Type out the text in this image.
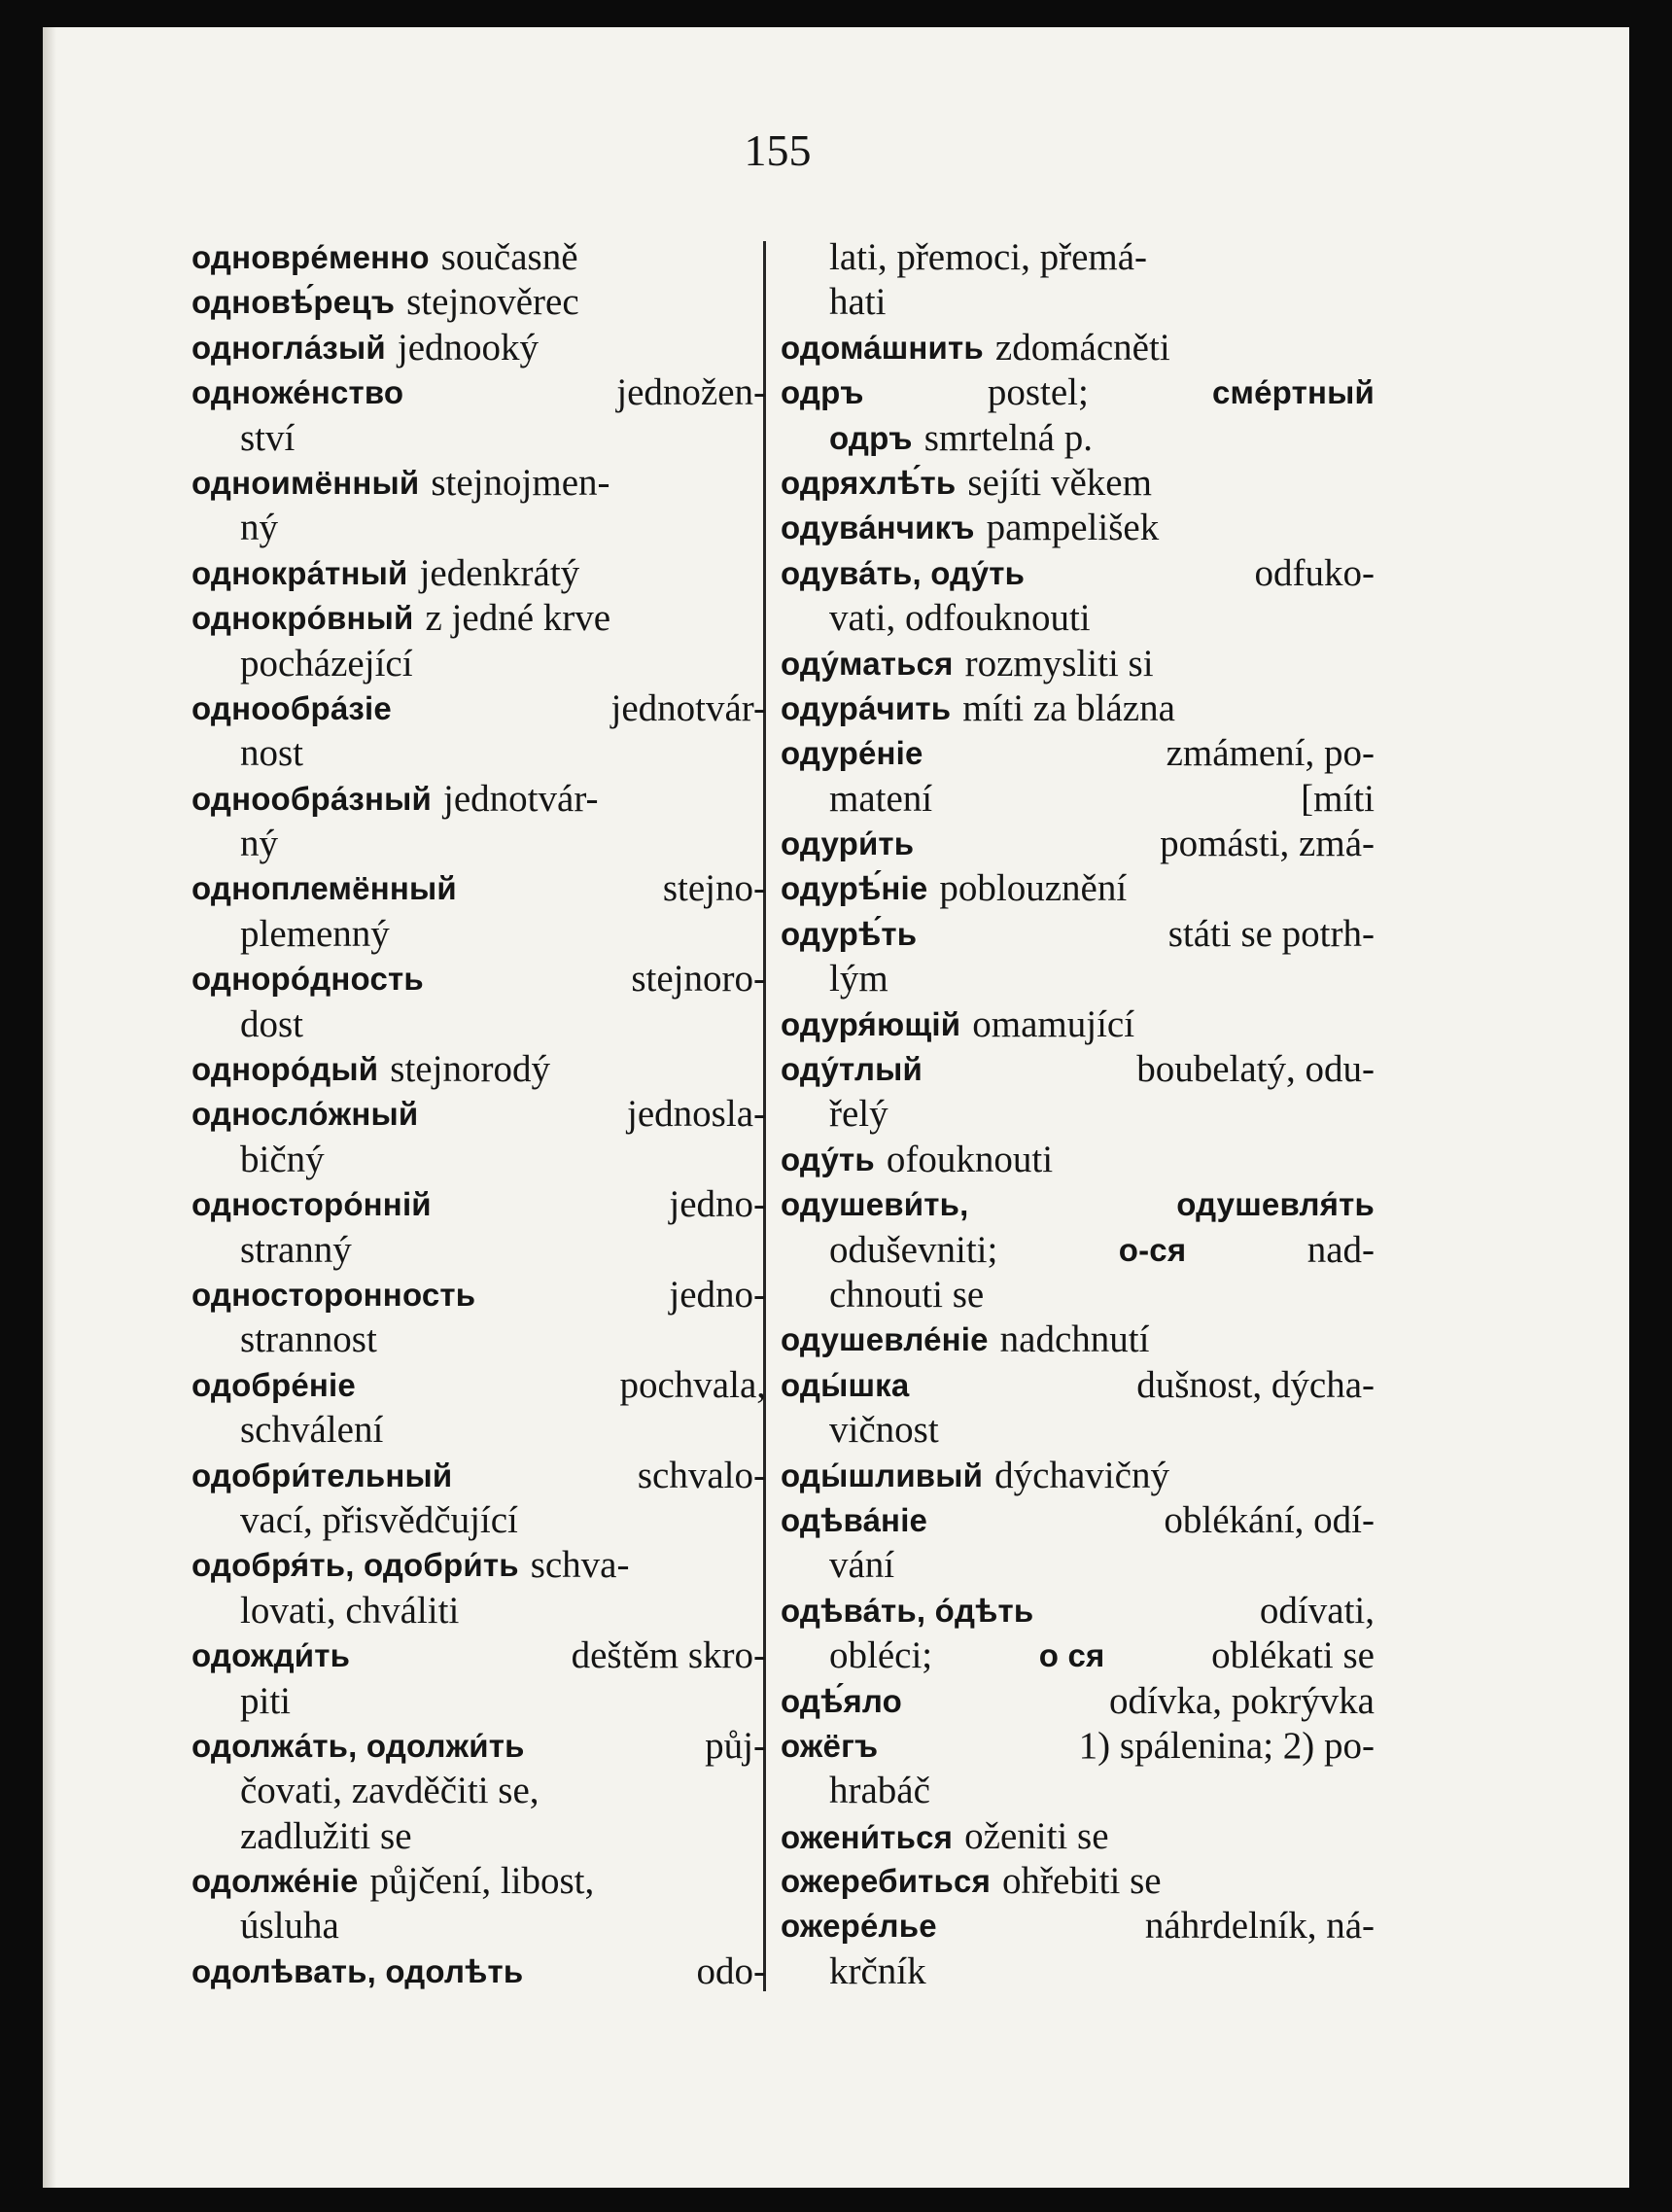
155
одновре́менно současně
одновѣ́рецъ stejnověrec
одногла́зый jednooký
одноже́нство	jednožen-
ství
одноимённый stejnojmen-
ný
однокра́тный jedenkrátý
однокро́вный z jedné krve
pocházející
однообра́зіе	jednotvár-
nost
однообра́зный jednotvár-
ný
одноплемённый	stejno-
plemenný
одноро́дность	stejnoro-
dost
одноро́дый stejnorodý
односло́жный	jednosla-
bičný
односторо́нній	jedno-
stranný
односторонность	jedno-
strannost
одобре́ніе	pochvala,
schválení
одобри́тельный	schvalo-
vací, přisvědčující
одобря́ть, одобри́ть schva-
lovati, chváliti
одожди́ть	deštěm skro-
piti
одолжа́ть, одолжи́ть	půj-
čovati, zavděčiti se,
zadlužiti se
одолже́ніе půjčení, libost,
úsluha
одолѣвать, одолѣть	odo-
lati, přemoci, přemá-
hati
одома́шнить zdomácněti
одръ	postel;	сме́ртный
одръ smrtelná p.
одряхлѣ́ть sejíti věkem
одува́нчикъ pampelišek
одува́ть, оду́ть	odfuko-
vati, odfouknouti
оду́маться rozmysliti si
одура́чить míti za blázna
одуре́ніе	zmámení, po-
matení	[míti
одури́ть	pomásti, zmá-
одурѣ́ніе poblouznění
одурѣ́ть	státi se potrh-
lým
одуря́ющій omamující
оду́тлый	boubelatý, odu-
řelý
оду́ть ofouknouti
одушеви́ть,	одушевля́ть
oduševniti;	о-ся	nad-
chnouti se
одушевле́ніе nadchnutí
оды́шка	dušnost, dýcha-
vičnost
оды́шливый dýchavičný
одѣва́ніе	oblékání, odí-
vání
одѣва́ть, о́дѣть	odívati,
obléci;	о ся	oblékati se
одѣ́яло	odívka, pokrývka
ожёгъ	1) spálenina; 2) po-
hrabáč
ожени́ться oženiti se
ожеребиться ohřebiti se
ожере́лье	náhrdelník, ná-
krčník
